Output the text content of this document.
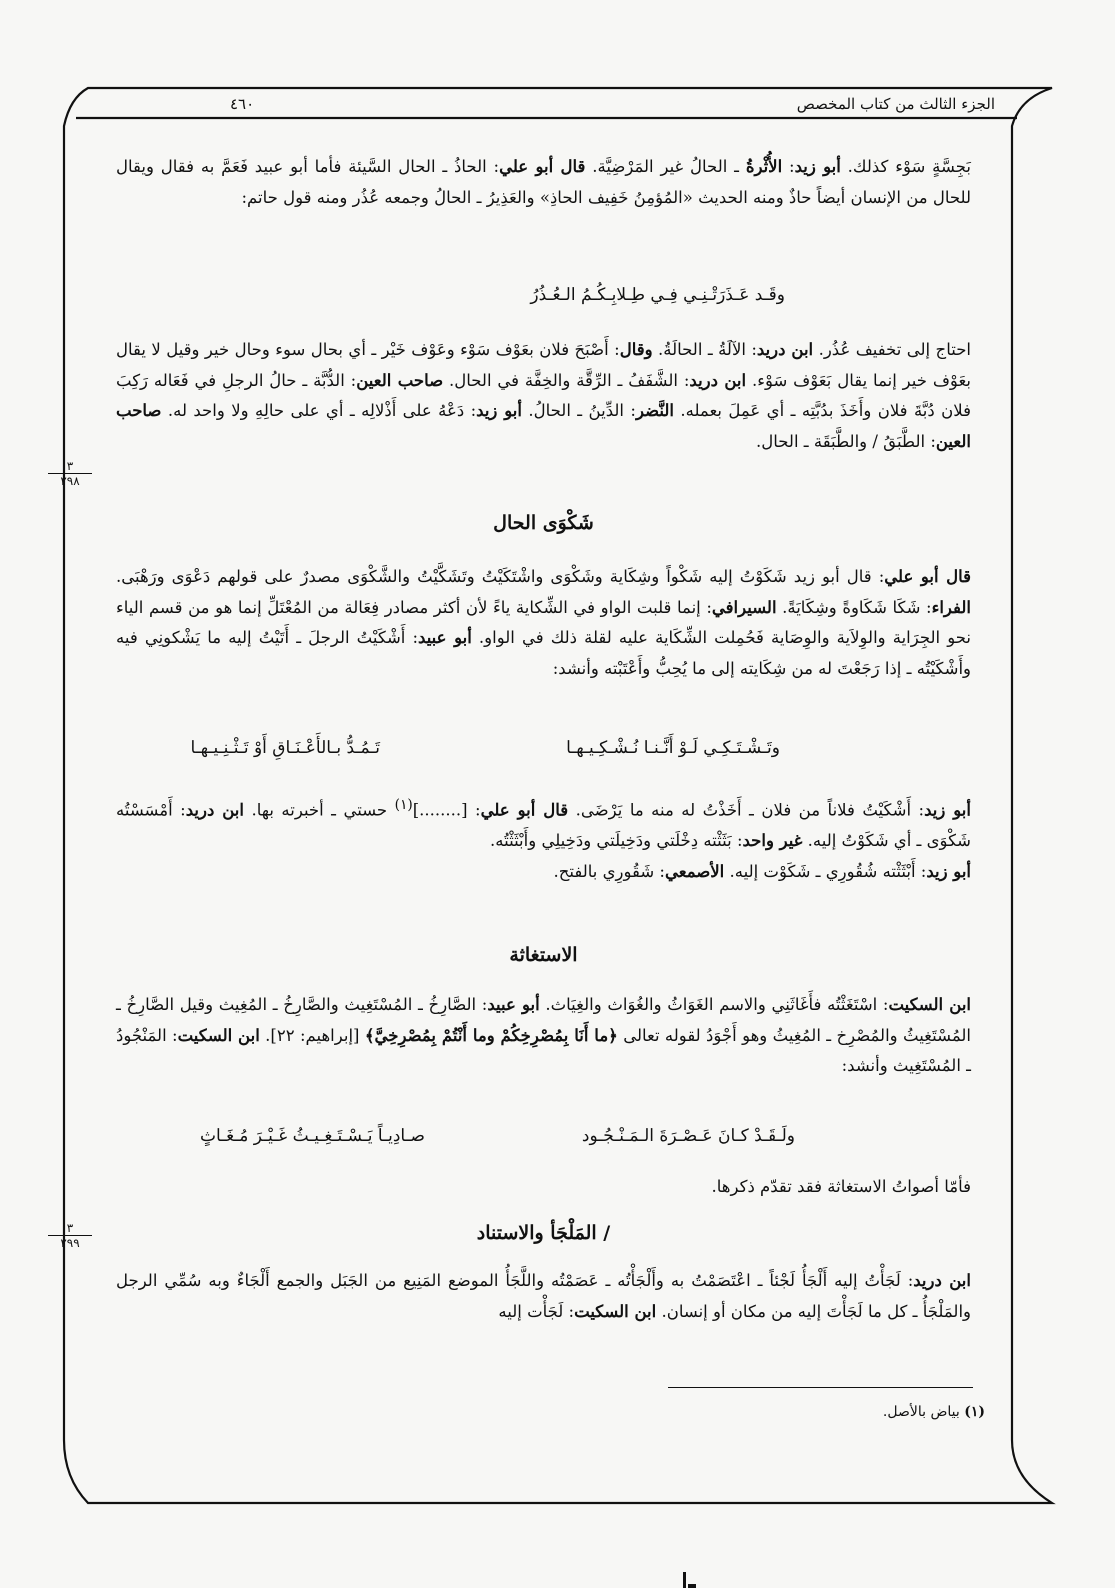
الجزء الثالث من كتاب المخصص
٤٦٠
بَجِسَّةٍ سَوْء كذلك. أبو زيد: الأُثْرةُ ـ الحالُ غير المَرْضِيَّة. قال أبو علي: الحاذُ ـ الحال السَّيئة فأما أبو عبيد فَعَمَّ به فقال ويقال للحال من الإنسان أيضاً حاذٌ ومنه الحديث «المُؤمِنُ خَفِيف الحاذِ» والعَذِيرُ ـ الحالُ وجمعه عُذُر ومنه قول حاتم:
وقَـد عَـذَرَتْـنِـي فِـي طِـلابِـكُـمُ الـعُـذُرُ
احتاج إلى تخفيف عُذُر. ابن دريد: الآلَةُ ـ الحالَةُ. وقال: أَصْبَحَ فلان بعَوْف سَوْء وعَوْف خَيْر ـ أي بحال سوء وحال خير وقيل لا يقال بعَوْف خير إنما يقال بَعَوْف سَوْء. ابن دريد: الشَّفَفُ ـ الرِّقَّة والخِفَّة في الحال. صاحب العين: الدُّبَّة ـ حالُ الرجلِ في فَعَاله رَكِبَ فلان دُبَّةَ فلان وأَخَذَ بدُبَّتِه ـ أي عَمِلَ بعمله. النَّضر: الدِّينُ ـ الحالُ. أبو زيد: دَعْهُ على أَذْلالِه ـ أي على حالِهِ ولا واحد له. صاحب العين: الطَّبَقُ / والطَّبَقَة ـ الحال.
٣
٢٩٨
شَكْوَى الحال
قال أبو علي: قال أبو زيد شَكَوْتُ إليه شَكْواً وشِكَاية وشَكْوَى واشْتَكَيْتُ وتَشَكَّيْتُ والشَّكْوَى مصدرٌ على قولهم دَعْوَى ورَهْبَى. الفراء: شَكَا شَكَاوةً وشِكَايَةً. السيرافي: إنما قلبت الواو في الشِّكاية ياءً لأن أكثر مصادر فِعَالة من المُعْتَلِّ إنما هو من قسم الياء نحو الجِرَاية والوِلاَية والوِصَاية فَحُمِلت الشِّكَاية عليه لقلة ذلك في الواو. أبو عبيد: أَشْكَيْتُ الرجلَ ـ أَتَيْتُ إليه ما يَشْكونِي فيه وأَشْكَيْتُه ـ إذا رَجَعْتَ له من شِكَايته إلى ما يُحِبُّ وأَعْتَبْته وأنشد:
تَـمُـدُّ بـالأَعْـنَـاقِ أَوْ تَـثْـنِـيـهـا	وتَـشْـتَـكِـي لَـوْ أَنَّـنـا نُـشْـكِـيـهـا
أبو زيد: أَشْكَيْتُ فلاناً من فلان ـ أَخَذْتُ له منه ما يَرْضَى. قال أبو علي: [........]$^{(١)}$ حستي ـ أخبرته بها. ابن دريد: أَمْسَسْتُه شَكْوَى ـ أي شَكَوْتُ إليه. غير واحد: بَثَثْته دِخْلَتي ودَخِيلَتي ودَخِيلِي وأَبْثَثْتُه.
أبو زيد: أَبْثَثْته شُقُورِي ـ شَكَوْت إليه. الأصمعي: شَقُورِي بالفتح.
الاستغاثة
ابن السكيت: اسْتَغَثْتُه فأَغَاثَنِي والاسم الغَوَاثُ والغُوَاث والغِيَاث. أبو عبيد: الصَّارِخُ ـ المُسْتَغِيث والصَّارِخُ ـ المُغِيث وقيل الصَّارِخُ ـ المُسْتَغِيثُ والمُصْرِخ ـ المُغِيثُ وهو أَجْوَدُ لقوله تعالى ﴿ما أَنَا بِمُصْرِخِكُمْ وما أَنْتُمْ بِمُصْرِخِيَّ﴾ [إبراهيم: ٢٢]. ابن السكيت: المَنْجُودُ ـ المُسْتَغِيث وأنشد:
صـادِيـاً يَـسْـتَـغِـيـثُ غَـيْـرَ مُـغَـاثٍ	ولَـقَـدْ كـانَ عَـصْـرَةَ الـمَـنْـجُـود
فأمّا أصواتُ الاستغاثة فقد تقدّم ذكرها.
/ المَلْجَأ والاستناد
٣
٢٩٩
ابن دريد: لَجَأْتُ إليه أَلْجَأُ لَجْئاً ـ اعْتَصَمْتُ به وأَلْجَأْتُه ـ عَصَمْتُه واللَّجَأُ الموضع المَنِيع من الجَبَل والجمع أَلْجَاءٌ وبه سُمِّي الرجل والمَلْجَأُ ـ كل ما لَجَأْتَ إليه من مكان أو إنسان. ابن السكيت: لَجَأْت إليه
(١) بياض بالأصل.
